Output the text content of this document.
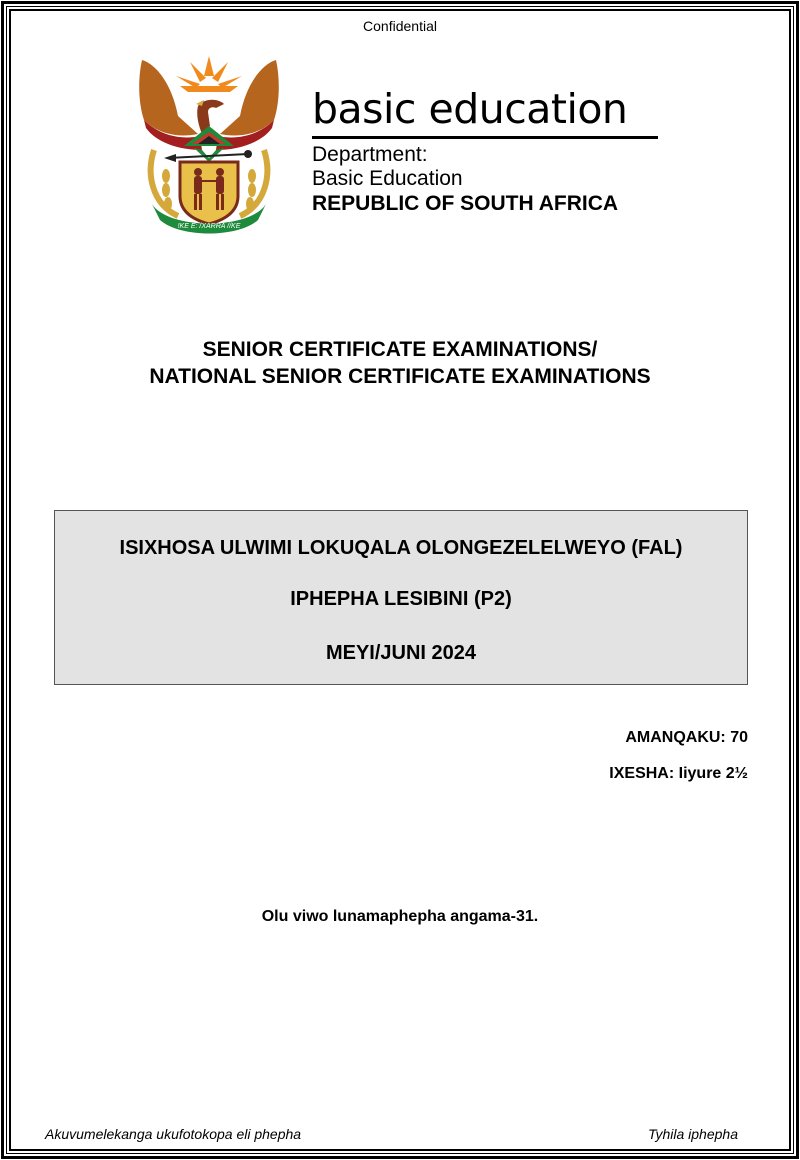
Confidential
!KE E: /XARRA //KE
basic education
Department:
Basic Education
REPUBLIC OF SOUTH AFRICA
SENIOR CERTIFICATE EXAMINATIONS/
NATIONAL SENIOR CERTIFICATE EXAMINATIONS
ISIXHOSA ULWIMI LOKUQALA OLONGEZELELWEYO (FAL)
IPHEPHA LESIBINI (P2)
MEYI/JUNI 2024
AMANQAKU: 70
IXESHA: Iiyure 2½
Olu viwo lunamaphepha angama-31.
Akuvumelekanga ukufotokopa eli phepha	Tyhila iphepha
